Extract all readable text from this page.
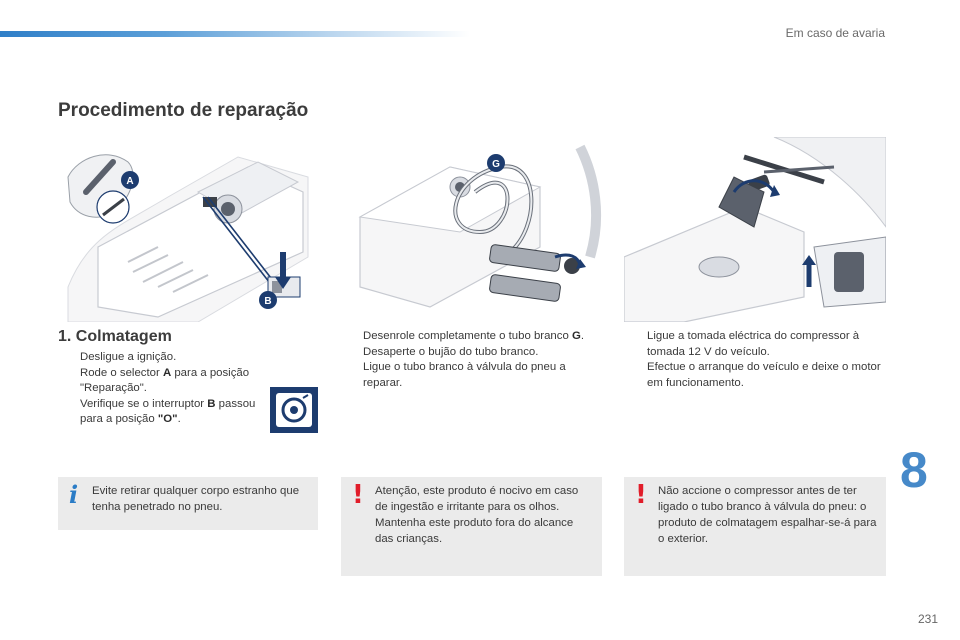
Em caso de avaria
Procedimento de reparação
A
B
G
1. Colmatagem
Desligue a ignição.
Rode o selector A para a posição "Reparação".
Verifique se o interruptor B passou para a posição "O".
Desenrole completamente o tubo branco G.
Desaperte o bujão do tubo branco.
Ligue o tubo branco à válvula do pneu a reparar.
Ligue a tomada eléctrica do compressor à tomada 12 V do veículo.
Efectue o arranque do veículo e deixe o motor em funcionamento.
i Evite retirar qualquer corpo estranho que tenha penetrado no pneu.	! Atenção, este produto é nocivo em caso de ingestão e irritante para os olhos. Mantenha este produto fora do alcance das crianças.

! Não accione o compressor antes de ter ligado o tubo branco à válvula do pneu: o produto de colmatagem espalhar-se-á para o exterior.

8
231
